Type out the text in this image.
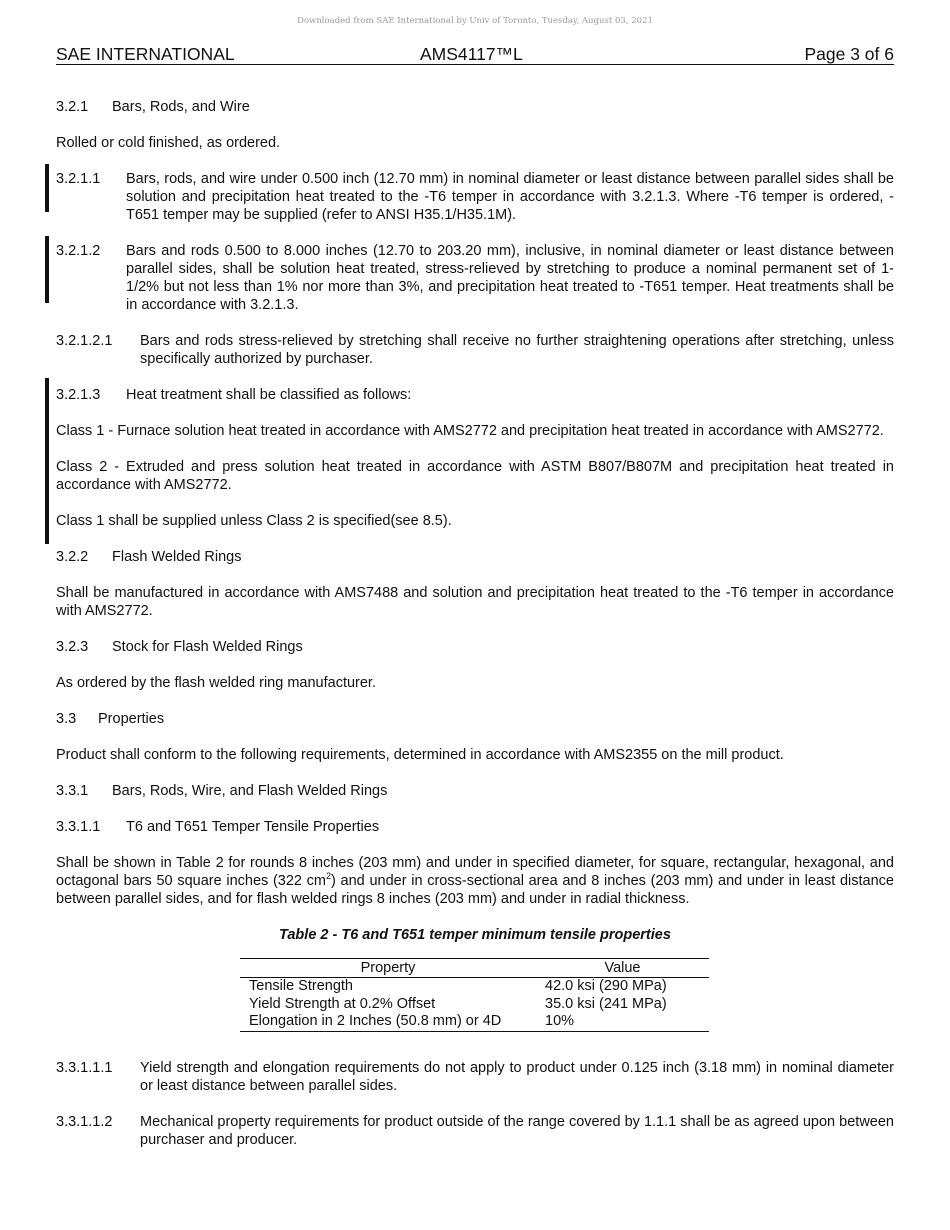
Downloaded from SAE International by Univ of Toronto, Tuesday, August 03, 2021
SAE INTERNATIONAL	AMS4117™L	Page 3 of 6
3.2.1 Bars, Rods, and Wire
Rolled or cold finished, as ordered.
3.2.1.1 Bars, rods, and wire under 0.500 inch (12.70 mm) in nominal diameter or least distance between parallel sides shall be solution and precipitation heat treated to the -T6 temper in accordance with 3.2.1.3. Where -T6 temper is ordered, -T651 temper may be supplied (refer to ANSI H35.1/H35.1M).
3.2.1.2 Bars and rods 0.500 to 8.000 inches (12.70 to 203.20 mm), inclusive, in nominal diameter or least distance between parallel sides, shall be solution heat treated, stress-relieved by stretching to produce a nominal permanent set of 1-1/2% but not less than 1% nor more than 3%, and precipitation heat treated to -T651 temper. Heat treatments shall be in accordance with 3.2.1.3.
3.2.1.2.1 Bars and rods stress-relieved by stretching shall receive no further straightening operations after stretching, unless specifically authorized by purchaser.
3.2.1.3 Heat treatment shall be classified as follows:
Class 1 - Furnace solution heat treated in accordance with AMS2772 and precipitation heat treated in accordance with AMS2772.
Class 2 - Extruded and press solution heat treated in accordance with ASTM B807/B807M and precipitation heat treated in accordance with AMS2772.
Class 1 shall be supplied unless Class 2 is specified(see 8.5).
3.2.2 Flash Welded Rings
Shall be manufactured in accordance with AMS7488 and solution and precipitation heat treated to the -T6 temper in accordance with AMS2772.
3.2.3 Stock for Flash Welded Rings
As ordered by the flash welded ring manufacturer.
3.3 Properties
Product shall conform to the following requirements, determined in accordance with AMS2355 on the mill product.
3.3.1 Bars, Rods, Wire, and Flash Welded Rings
3.3.1.1 T6 and T651 Temper Tensile Properties
Shall be shown in Table 2 for rounds 8 inches (203 mm) and under in specified diameter, for square, rectangular, hexagonal, and octagonal bars 50 square inches (322 $cm^2$) and under in cross-sectional area and 8 inches (203 mm) and under in least distance between parallel sides, and for flash welded rings 8 inches (203 mm) and under in radial thickness.
Table 2 - T6 and T651 temper minimum tensile properties
Property	Value
Tensile Strength	42.0 ksi (290 MPa)
Yield Strength at 0.2% Offset	35.0 ksi (241 MPa)
Elongation in 2 Inches (50.8 mm) or 4D	10%
3.3.1.1.1 Yield strength and elongation requirements do not apply to product under 0.125 inch (3.18 mm) in nominal diameter or least distance between parallel sides.
3.3.1.1.2 Mechanical property requirements for product outside of the range covered by 1.1.1 shall be as agreed upon between purchaser and producer.
